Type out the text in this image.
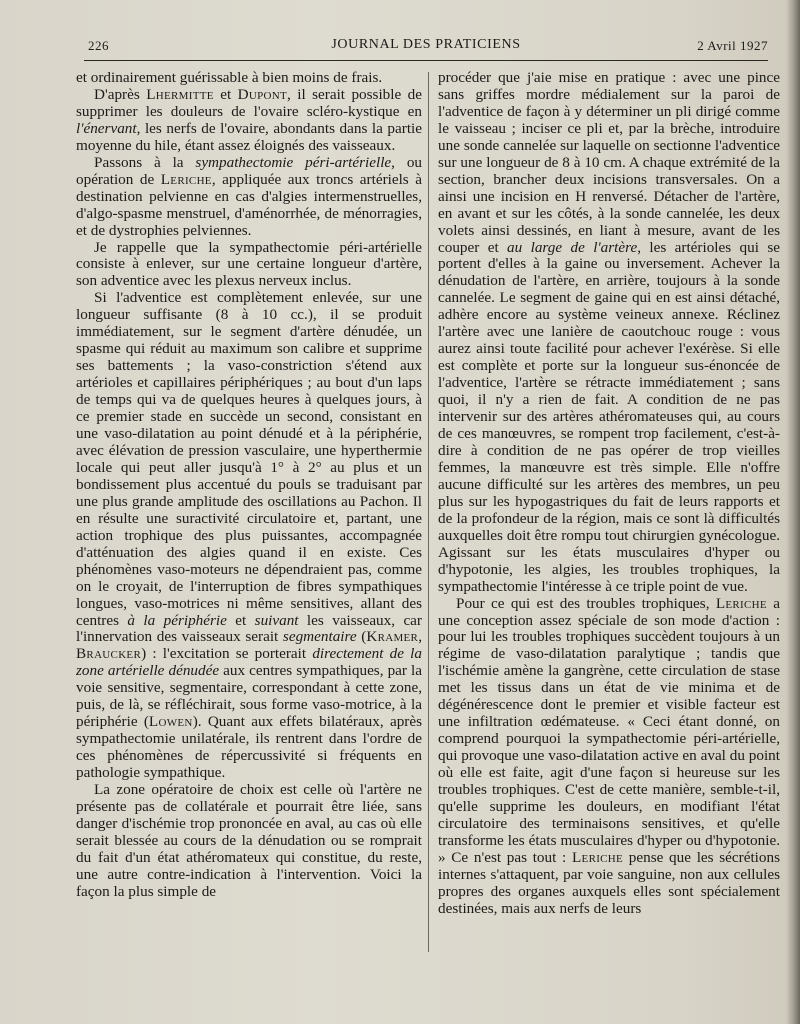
226	JOURNAL DES PRATICIENS	2 Avril 1927

et ordinairement guérissable à bien moins de frais.

D'après Lhermitte et Dupont, il serait possible de supprimer les douleurs de l'ovaire scléro-kystique en l'énervant, les nerfs de l'ovaire, abondants dans la partie moyenne du hile, étant assez éloignés des vaisseaux.

Passons à la sympathectomie péri-artérielle, ou opération de Leriche, appliquée aux troncs artériels à destination pelvienne en cas d'algies intermenstruelles, d'algo-spasme menstruel, d'aménorrhée, de ménorragies, et de dystrophies pelviennes.

Je rappelle que la sympathectomie péri-artérielle consiste à enlever, sur une certaine longueur d'artère, son adventice avec les plexus nerveux inclus.

Si l'adventice est complètement enlevée, sur une longueur suffisante (8 à 10 cc.), il se produit immédiatement, sur le segment d'artère dénudée, un spasme qui réduit au maximum son calibre et supprime ses battements ; la vaso-constriction s'étend aux artérioles et capillaires périphériques ; au bout d'un laps de temps qui va de quelques heures à quelques jours, à ce premier stade en succède un second, consistant en une vaso-dilatation au point dénudé et à la périphérie, avec élévation de pression vasculaire, une hyperthermie locale qui peut aller jusqu'à 1° à 2° au plus et un bondissement plus accentué du pouls se traduisant par une plus grande amplitude des oscillations au Pachon. Il en résulte une suractivité circulatoire et, partant, une action trophique des plus puissantes, accompagnée d'atténuation des algies quand il en existe. Ces phénomènes vaso-moteurs ne dépendraient pas, comme on le croyait, de l'interruption de fibres sympathiques longues, vaso-motrices ni même sensitives, allant des centres à la périphérie et suivant les vaisseaux, car l'innervation des vaisseaux serait segmentaire (Kramer, Braucker) : l'excitation se porterait directement de la zone artérielle dénudée aux centres sympathiques, par la voie sensitive, segmentaire, correspondant à cette zone, puis, de là, se réfléchirait, sous forme vaso-motrice, à la périphérie (Lowen). Quant aux effets bilatéraux, après sympathectomie unilatérale, ils rentrent dans l'ordre de ces phénomènes de répercussivité si fréquents en pathologie sympathique.

La zone opératoire de choix est celle où l'artère ne présente pas de collatérale et pourrait être liée, sans danger d'ischémie trop prononcée en aval, au cas où elle serait blessée au cours de la dénudation ou se romprait du fait d'un état athéromateux qui constitue, du reste, une autre contre-indication à l'intervention. Voici la façon la plus simple de

procéder que j'aie mise en pratique : avec une pince sans griffes mordre médialement sur la paroi de l'adventice de façon à y déterminer un pli dirigé comme le vaisseau ; inciser ce pli et, par la brèche, introduire une sonde cannelée sur laquelle on sectionne l'adventice sur une longueur de 8 à 10 cm. A chaque extrémité de la section, brancher deux incisions transversales. On a ainsi une incision en H renversé. Détacher de l'artère, en avant et sur les côtés, à la sonde cannelée, les deux volets ainsi dessinés, en liant à mesure, avant de les couper et au large de l'artère, les artérioles qui se portent d'elles à la gaine ou inversement. Achever la dénudation de l'artère, en arrière, toujours à la sonde cannelée. Le segment de gaine qui en est ainsi détaché, adhère encore au système veineux annexe. Réclinez l'artère avec une lanière de caoutchouc rouge : vous aurez ainsi toute facilité pour achever l'exérèse. Si elle est complète et porte sur la longueur sus-énoncée de l'adventice, l'artère se rétracte immédiatement ; sans quoi, il n'y a rien de fait. A condition de ne pas intervenir sur des artères athéromateuses qui, au cours de ces manœuvres, se rompent trop facilement, c'est-à-dire à condition de ne pas opérer de trop vieilles femmes, la manœuvre est très simple. Elle n'offre aucune difficulté sur les artères des membres, un peu plus sur les hypogastriques du fait de leurs rapports et de la profondeur de la région, mais ce sont là difficultés auxquelles doit être rompu tout chirurgien gynécologue. Agissant sur les états musculaires d'hyper ou d'hypotonie, les algies, les troubles trophiques, la sympathectomie l'intéresse à ce triple point de vue.

Pour ce qui est des troubles trophiques, Leriche a une conception assez spéciale de son mode d'action : pour lui les troubles trophiques succèdent toujours à un régime de vaso-dilatation paralytique ; tandis que l'ischémie amène la gangrène, cette circulation de stase met les tissus dans un état de vie minima et de dégénérescence dont le premier et visible facteur est une infiltration œdémateuse. « Ceci étant donné, on comprend pourquoi la sympathectomie péri-artérielle, qui provoque une vaso-dilatation active en aval du point où elle est faite, agit d'une façon si heureuse sur les troubles trophiques. C'est de cette manière, semble-t-il, qu'elle supprime les douleurs, en modifiant l'état circulatoire des terminaisons sensitives, et qu'elle transforme les états musculaires d'hyper ou d'hypotonie. » Ce n'est pas tout : Leriche pense que les sécrétions internes s'attaquent, par voie sanguine, non aux cellules propres des organes auxquels elles sont spécialement destinées, mais aux nerfs de leurs
